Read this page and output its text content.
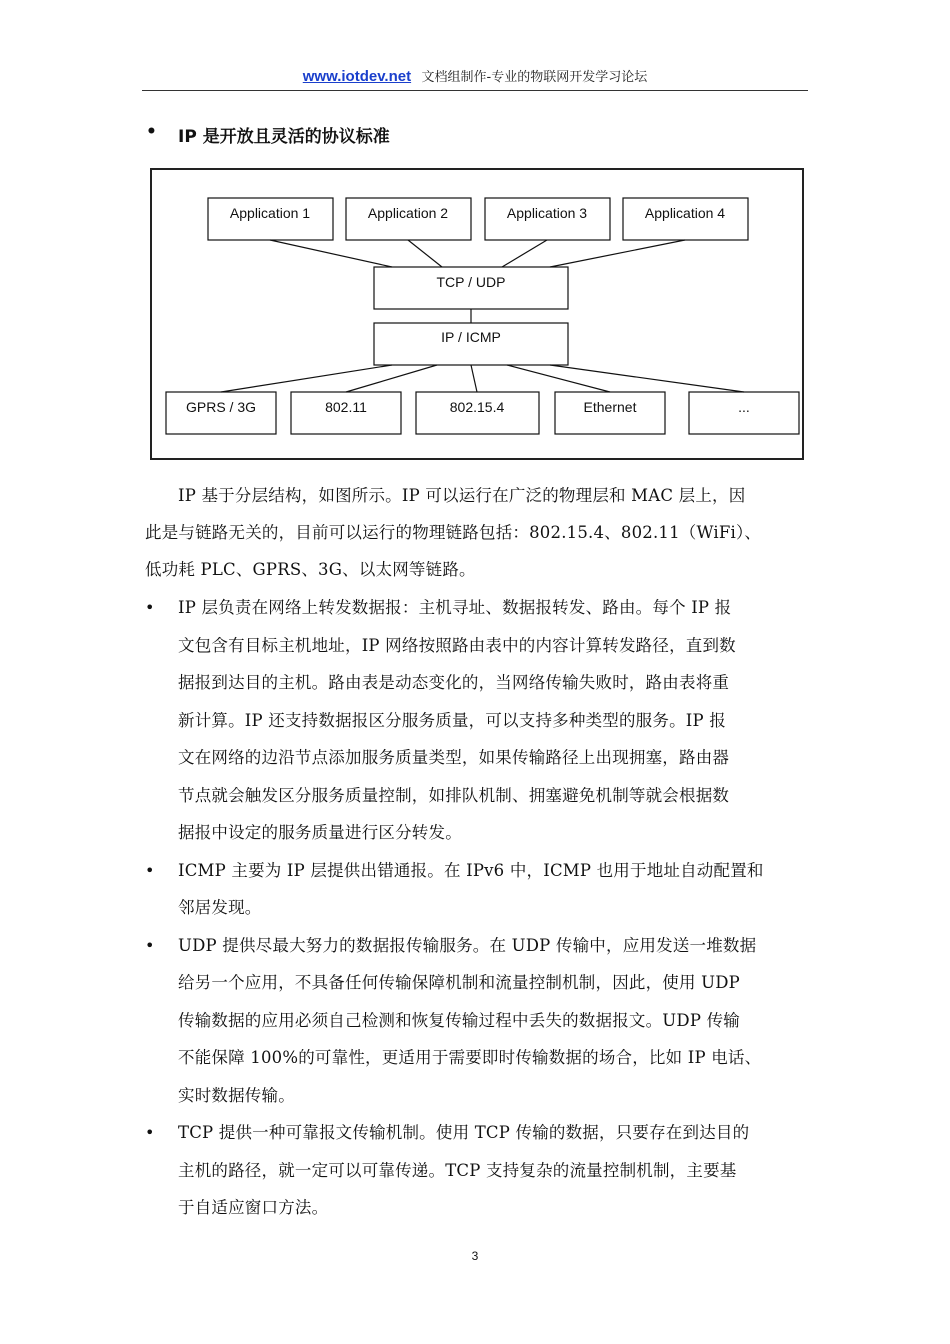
www.iotdev.net 文档组制作-专业的物联网开发学习论坛
• IP 是开放且灵活的协议标准
Application 1	Application 2	Application 3	Application 4
TCP / UDP
IP / ICMP
GPRS / 3G	802.11	802.15.4	Ethernet	...
IP 基于分层结构，如图所示。IP 可以运行在广泛的物理层和 MAC 层上，因
此是与链路无关的，目前可以运行的物理链路包括：802.15.4、802.11（WiFi）、
低功耗 PLC、GPRS、3G、以太网等链路。
• IP 层负责在网络上转发数据报：主机寻址、数据报转发、路由。每个 IP 报
文包含有目标主机地址，IP 网络按照路由表中的内容计算转发路径，直到数
据报到达目的主机。路由表是动态变化的，当网络传输失败时，路由表将重
新计算。IP 还支持数据报区分服务质量，可以支持多种类型的服务。IP 报
文在网络的边沿节点添加服务质量类型，如果传输路径上出现拥塞，路由器
节点就会触发区分服务质量控制，如排队机制、拥塞避免机制等就会根据数
据报中设定的服务质量进行区分转发。
• ICMP 主要为 IP 层提供出错通报。在 IPv6 中，ICMP 也用于地址自动配置和
邻居发现。
• UDP 提供尽最大努力的数据报传输服务。在 UDP 传输中，应用发送一堆数据
给另一个应用，不具备任何传输保障机制和流量控制机制，因此，使用 UDP
传输数据的应用必须自己检测和恢复传输过程中丢失的数据报文。UDP 传输
不能保障 100%的可靠性，更适用于需要即时传输数据的场合，比如 IP 电话、
实时数据传输。
• TCP 提供一种可靠报文传输机制。使用 TCP 传输的数据，只要存在到达目的
主机的路径，就一定可以可靠传递。TCP 支持复杂的流量控制机制，主要基
于自适应窗口方法。
3
